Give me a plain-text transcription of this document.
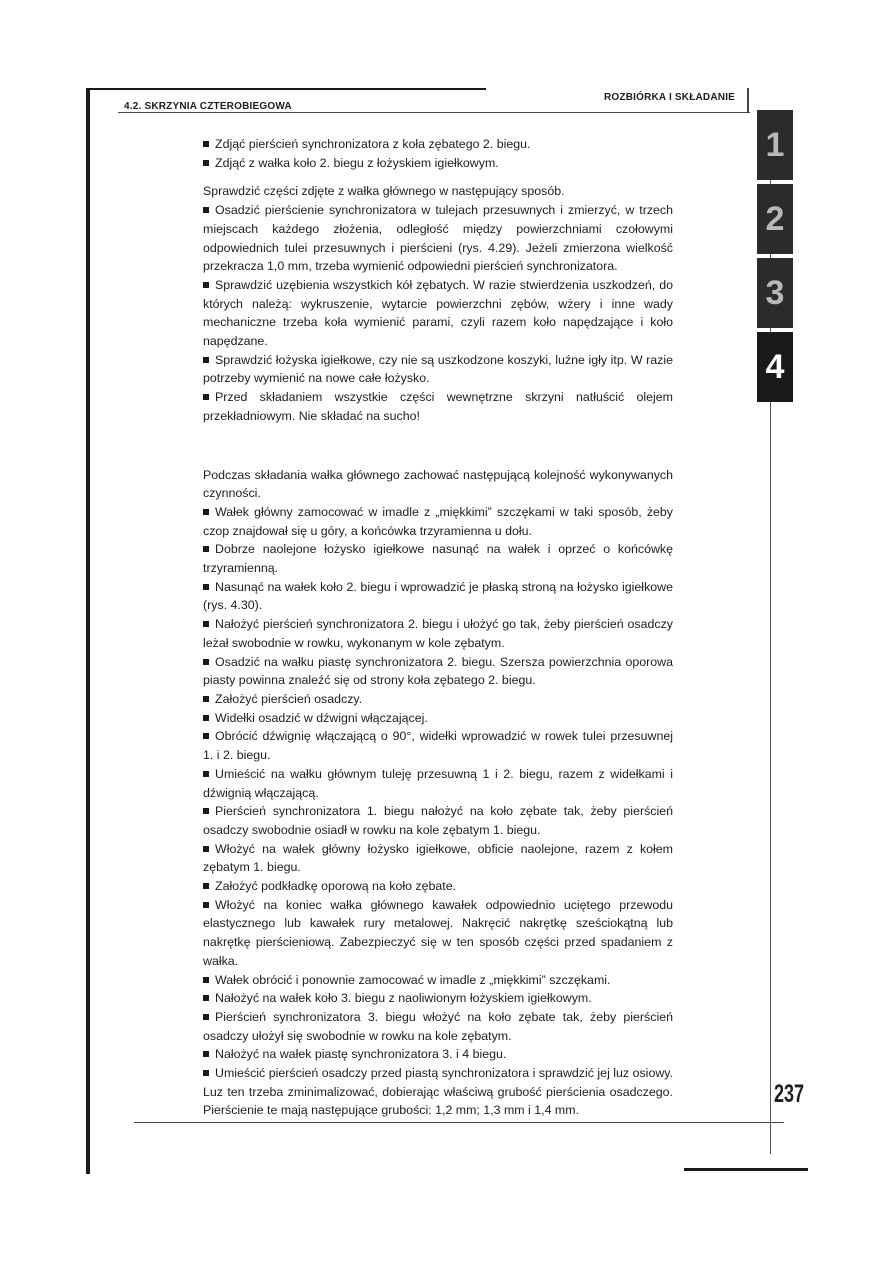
4.2. SKRZYNIA CZTEROBIEGOWA
ROZBIÓRKA I SKŁADANIE
1
2
3
4
237

Zdjąć pierścień synchronizatora z koła zębatego 2. biegu.

Zdjąć z wałka koło 2. biegu z łożyskiem igiełkowym.

Sprawdzić części zdjęte z wałka głównego w następujący sposób.

Osadzić pierścienie synchronizatora w tulejach przesuwnych i zmierzyć, w trzech miejscach każdego złożenia, odległość między powierzchniami czołowymi odpowiednich tulei przesuwnych i pierścieni (rys. 4.29). Jeżeli zmierzona wielkość przekracza 1,0 mm, trzeba wymienić odpowiedni pierścień synchronizatora.

Sprawdzić uzębienia wszystkich kół zębatych. W razie stwierdzenia uszkodzeń, do których należą: wykruszenie, wytarcie powierzchni zębów, wżery i inne wady mechaniczne trzeba koła wymienić parami, czyli razem koło napędzające i koło napędzane.

Sprawdzić łożyska igiełkowe, czy nie są uszkodzone koszyki, luźne igły itp. W razie potrzeby wymienić na nowe całe łożysko.

Przed składaniem wszystkie części wewnętrzne skrzyni natłuścić olejem przekładniowym. Nie składać na sucho!

Podczas składania wałka głównego zachować następującą kolejność wykonywanych czynności.

Wałek główny zamocować w imadle z „miękkimi” szczękami w taki sposób, żeby czop znajdował się u góry, a końcówka trzyramienna u dołu.

Dobrze naolejone łożysko igiełkowe nasunąć na wałek i oprzeć o końcówkę trzyramienną.

Nasunąć na wałek koło 2. biegu i wprowadzić je płaską stroną na łożysko igiełkowe (rys. 4.30).

Nałożyć pierścień synchronizatora 2. biegu i ułożyć go tak, żeby pierścień osadczy leżał swobodnie w rowku, wykonanym w kole zębatym.

Osadzić na wałku piastę synchronizatora 2. biegu. Szersza powierzchnia oporowa piasty powinna znaleźć się od strony koła zębatego 2. biegu.

Założyć pierścień osadczy.

Widełki osadzić w dźwigni włączającej.

Obrócić dźwignię włączającą o 90°, widełki wprowadzić w rowek tulei przesuwnej 1. i 2. biegu.

Umieścić na wałku głównym tuleję przesuwną 1 i 2. biegu, razem z widełkami i dźwignią włączającą.

Pierścień synchronizatora 1. biegu nałożyć na koło zębate tak, żeby pierścień osadczy swobodnie osiadł w rowku na kole zębatym 1. biegu.

Włożyć na wałek główny łożysko igiełkowe, obficie naolejone, razem z kołem zębatym 1. biegu.

Założyć podkładkę oporową na koło zębate.

Włożyć na koniec wałka głównego kawałek odpowiednio uciętego przewodu elastycznego lub kawałek rury metalowej. Nakręcić nakrętkę sześciokątną lub nakrętkę pierścieniową. Zabezpieczyć się w ten sposób części przed spadaniem z wałka.

Wałek obrócić i ponownie zamocować w imadle z „miękkimi” szczękami.

Nałożyć na wałek koło 3. biegu z naoliwionym łożyskiem igiełkowym.

Pierścień synchronizatora 3. biegu włożyć na koło zębate tak, żeby pierścień osadczy ułożył się swobodnie w rowku na kole zębatym.

Nałożyć na wałek piastę synchronizatora 3. i 4 biegu.

Umieścić pierścień osadczy przed piastą synchronizatora i sprawdzić jej luz osiowy. Luz ten trzeba zminimalizować, dobierając właściwą grubość pierścienia osadczego. Pierścienie te mają następujące grubości: 1,2 mm; 1,3 mm i 1,4 mm.
